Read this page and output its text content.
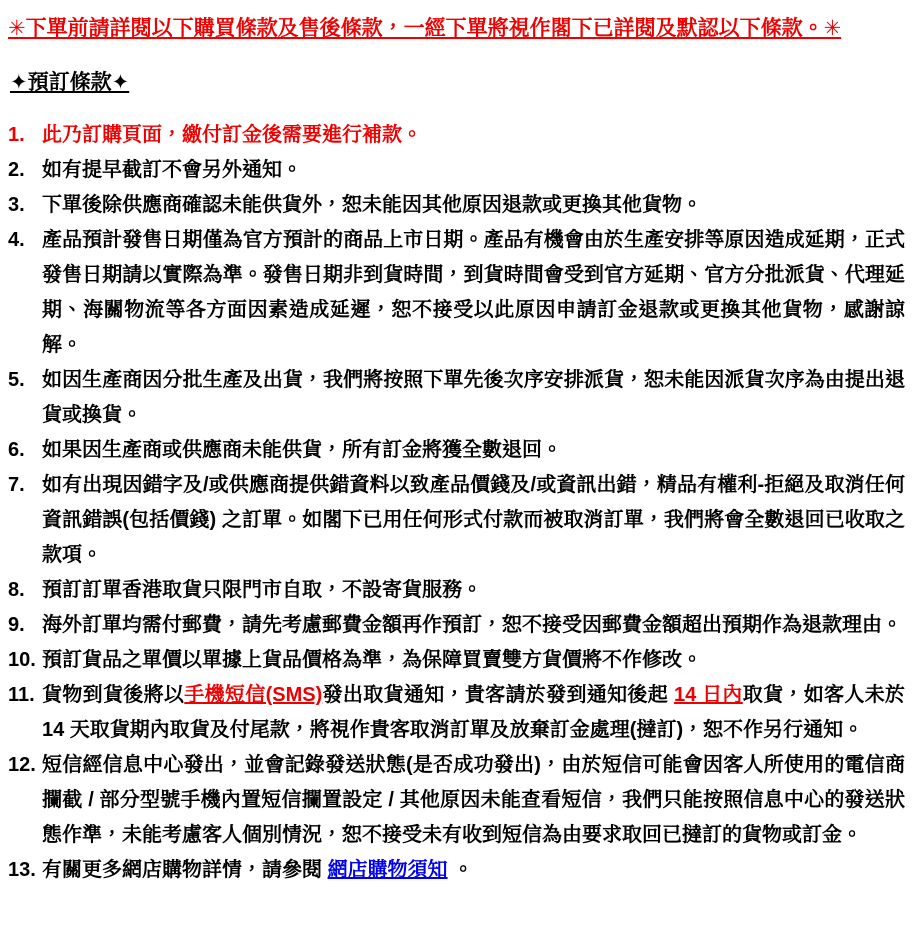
✳下單前請詳閱以下購買條款及售後條款，一經下單將視作閣下已詳閱及默認以下條款。✳
✦預訂條款✦
1. 此乃訂購頁面，繳付訂金後需要進行補款。
2. 如有提早截訂不會另外通知。
3. 下單後除供應商確認未能供貨外，恕未能因其他原因退款或更換其他貨物。
4. 產品預計發售日期僅為官方預計的商品上市日期。產品有機會由於生產安排等原因造成延期，正式發售日期請以實際為準。發售日期非到貨時間，到貨時間會受到官方延期、官方分批派貨、代理延期、海關物流等各方面因素造成延遲，恕不接受以此原因申請訂金退款或更換其他貨物，感謝諒解。
5. 如因生產商因分批生產及出貨，我們將按照下單先後次序安排派貨，恕未能因派貨次序為由提出退貨或換貨。
6. 如果因生產商或供應商未能供貨，所有訂金將獲全數退回。
7. 如有出現因錯字及/或供應商提供錯資料以致產品價錢及/或資訊出錯，精品有權利-拒絕及取消任何資訊錯誤(包括價錢) 之訂單。如閣下已用任何形式付款而被取消訂單，我們將會全數退回已收取之款項。
8. 預訂訂單香港取貨只限門市自取，不設寄貨服務。
9. 海外訂單均需付郵費，請先考慮郵費金額再作預訂，恕不接受因郵費金額超出預期作為退款理由。
10. 預訂貨品之單價以單據上貨品價格為準，為保障買賣雙方貨價將不作修改。
11. 貨物到貨後將以手機短信(SMS)發出取貨通知，貴客請於發到通知後起 14 日內取貨，如客人未於 14 天取貨期內取貨及付尾款，將視作貴客取消訂單及放棄訂金處理(撻訂)，恕不作另行通知。
12. 短信經信息中心發出，並會記錄發送狀態(是否成功發出)，由於短信可能會因客人所使用的電信商攔截 / 部分型號手機內置短信攔置設定 / 其他原因未能查看短信，我們只能按照信息中心的發送狀態作準，未能考慮客人個別情況，恕不接受未有收到短信為由要求取回已撻訂的貨物或訂金。
13. 有關更多網店購物詳情，請參閱 網店購物須知 。
